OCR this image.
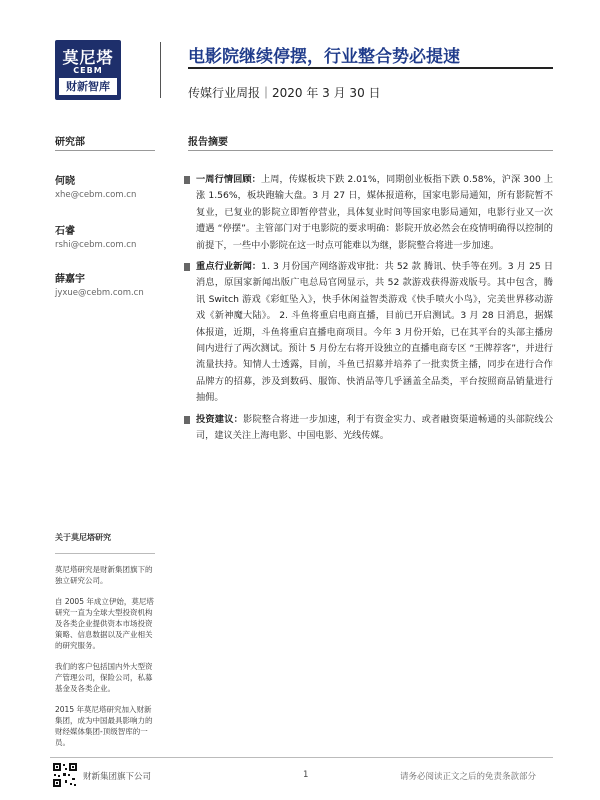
莫尼塔
CEBM
财新智库
电影院继续停摆，行业整合势必提速
传媒行业周报｜2020 年 3 月 30 日
研究部	报告摘要
何晓
xhe@cebm.com.cn
石睿
rshi@cebm.com.cn
薛嘉宇
jyxue@cebm.com.cn
一周行情回顾：上周，传媒板块下跌 2.01%，同期创业板指下跌 0.58%，沪深 300 上涨 1.56%，板块跑输大盘。3 月 27 日，媒体报道称，国家电影局通知，所有影院暂不复业，已复业的影院立即暂停营业，具体复业时间等国家电影局通知，电影行业又一次遭遇 “停摆”。主管部门对于电影院的要求明确：影院开放必然会在疫情明确得以控制的前提下，一些中小影院在这一时点可能难以为继，影院整合将进一步加速。
重点行业新闻：1. 3 月份国产网络游戏审批：共 52 款 腾讯、快手等在列。3 月 25 日消息，原国家新闻出版广电总局官网显示，共 52 款游戏获得游戏版号。其中包含，腾讯 Switch 游戏《彩虹坠入》，快手休闲益智类游戏《快手喷火小鸟》，完美世界移动游戏《新神魔大陆》。 2. 斗鱼将重启电商直播，目前已开启测试。3 月 28 日消息，据媒体报道，近期，斗鱼将重启直播电商项目。今年 3 月份开始，已在其平台的头部主播房间内进行了两次测试。预计 5 月份左右将开设独立的直播电商专区 “王牌荐客”，并进行流量扶持。知情人士透露，目前，斗鱼已招募并培养了一批卖货主播，同步在进行合作品牌方的招募，涉及到数码、服饰、快消品等几乎涵盖全品类，平台按照商品销量进行抽佣。
投资建议：影院整合将进一步加速，利于有资金实力、或者融资渠道畅通的头部院线公司，建议关注上海电影、中国电影、光线传媒。
关于莫尼塔研究

莫尼塔研究是财新集团旗下的独立研究公司。

自 2005 年成立伊始，莫尼塔研究一直为全球大型投资机构及各类企业提供资本市场投资策略、信息数据以及产业相关的研究服务。

我们的客户包括国内外大型资产管理公司，保险公司，私募基金及各类企业。

2015 年莫尼塔研究加入财新集团，成为中国最具影响力的财经媒体集团-顶级智库的一员。

财新集团旗下公司	1	请务必阅读正文之后的免责条款部分
